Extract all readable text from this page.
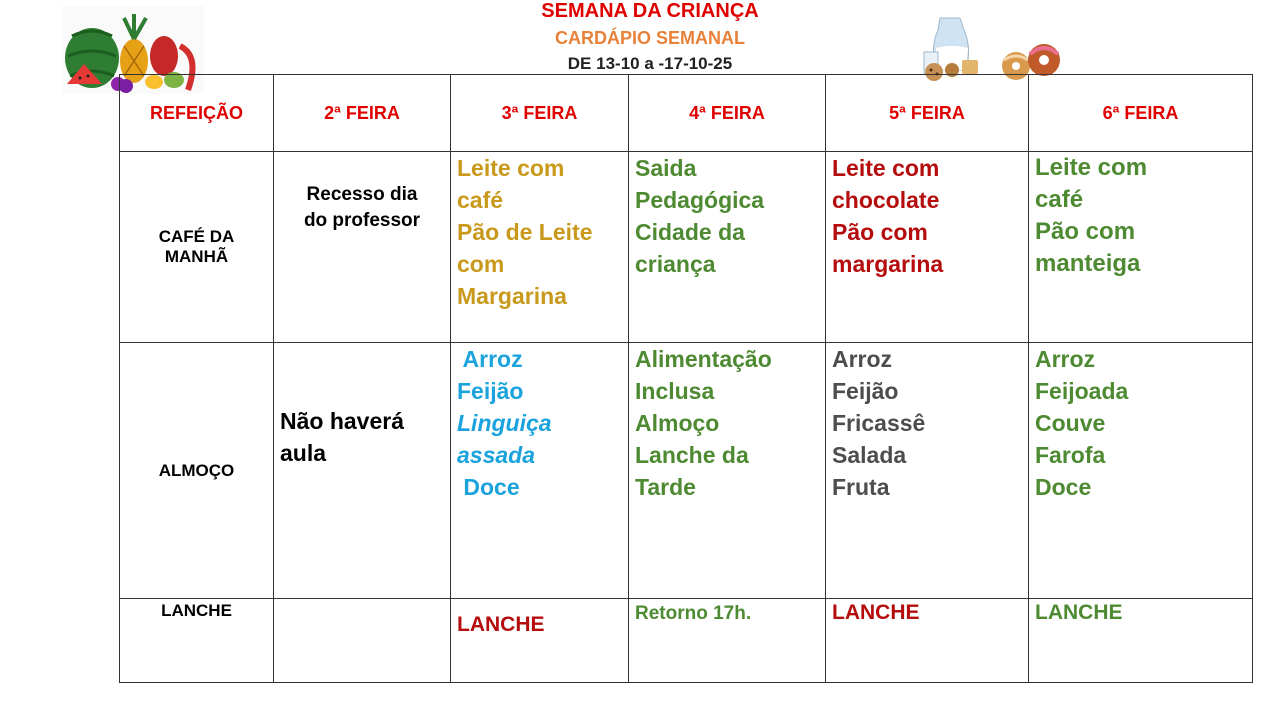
SEMANA DA CRIANÇA
CARDÁPIO SEMANAL
DE 13-10 a -17-10-25
REFEIÇÃO	2ª FEIRA	3ª FEIRA	4ª FEIRA	5ª FEIRA	6ª FEIRA

CAFÉ DA
MANHÃ	Recesso dia
do professor	Leite com
café
Pão de Leite
com
Margarina	Saida
Pedagógica
Cidade da
criança	Leite com
chocolate
Pão com
margarina	Leite com
café
Pão com
manteiga

ALMOÇO	Não haverá
aula	Arroz
Feijão
Linguiça
assada
Doce	Alimentação
Inclusa
Almoço
Lanche da
Tarde	Arroz
Feijão
Fricassê
Salada
Fruta	Arroz
Feijoada
Couve
Farofa
Doce

LANCHE		LANCHE	Retorno 17h.	LANCHE	LANCHE
